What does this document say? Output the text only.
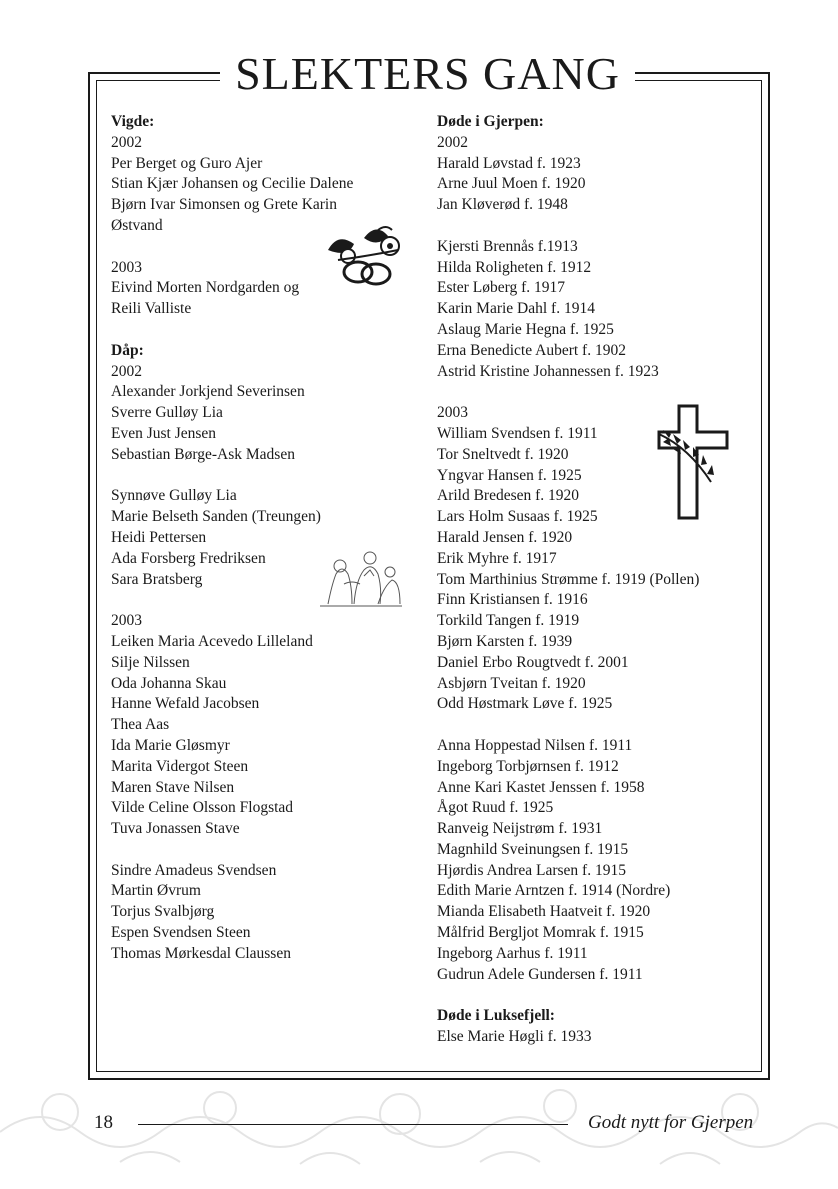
SLEKTERS GANG
Vigde:
2002
Per Berget og Guro Ajer
Stian Kjær Johansen og Cecilie Dalene
Bjørn Ivar Simonsen og Grete Karin
Østvand
2003
Eivind Morten Nordgarden og
Reili Valliste
Dåp:
2002
Alexander Jorkjend Severinsen
Sverre Gulløy Lia
Even Just Jensen
Sebastian Børge-Ask Madsen
Synnøve Gulløy Lia
Marie Belseth Sanden (Treungen)
Heidi Pettersen
Ada Forsberg Fredriksen
Sara Bratsberg
2003
Leiken Maria Acevedo Lilleland
Silje Nilssen
Oda Johanna Skau
Hanne Wefald Jacobsen
Thea Aas
Ida Marie Gløsmyr
Marita Vidergot Steen
Maren Stave Nilsen
Vilde Celine Olsson Flogstad
Tuva Jonassen Stave
Sindre Amadeus Svendsen
Martin Øvrum
Torjus Svalbjørg
Espen Svendsen Steen
Thomas Mørkesdal Claussen
Døde i Gjerpen:
2002
Harald Løvstad f. 1923
Arne Juul Moen f. 1920
Jan Kløverød f. 1948
Kjersti Brennås f.1913
Hilda Roligheten f. 1912
Ester Løberg f. 1917
Karin Marie Dahl f. 1914
Aslaug Marie Hegna f. 1925
Erna Benedicte Aubert f. 1902
Astrid Kristine Johannessen f. 1923
2003
William Svendsen f. 1911
Tor Sneltvedt f. 1920
Yngvar Hansen f. 1925
Arild Bredesen f. 1920
Lars Holm Susaas f. 1925
Harald Jensen f. 1920
Erik Myhre f. 1917
Tom Marthinius Strømme f. 1919 (Pollen)
Finn Kristiansen f. 1916
Torkild Tangen f. 1919
Bjørn Karsten f. 1939
Daniel Erbo Rougtvedt f. 2001
Asbjørn Tveitan f. 1920
Odd Høstmark Løve f. 1925
Anna Hoppestad Nilsen f. 1911
Ingeborg Torbjørnsen f. 1912
Anne Kari Kastet Jenssen f. 1958
Ågot Ruud f. 1925
Ranveig Neijstrøm f. 1931
Magnhild Sveinungsen f. 1915
Hjørdis Andrea Larsen f. 1915
Edith Marie Arntzen f. 1914 (Nordre)
Mianda Elisabeth Haatveit f. 1920
Målfrid Bergljot Momrak f. 1915
Ingeborg Aarhus f. 1911
Gudrun Adele Gundersen f. 1911
Døde i Luksefjell:
Else Marie Høgli f. 1933
18	Godt nytt for Gjerpen
